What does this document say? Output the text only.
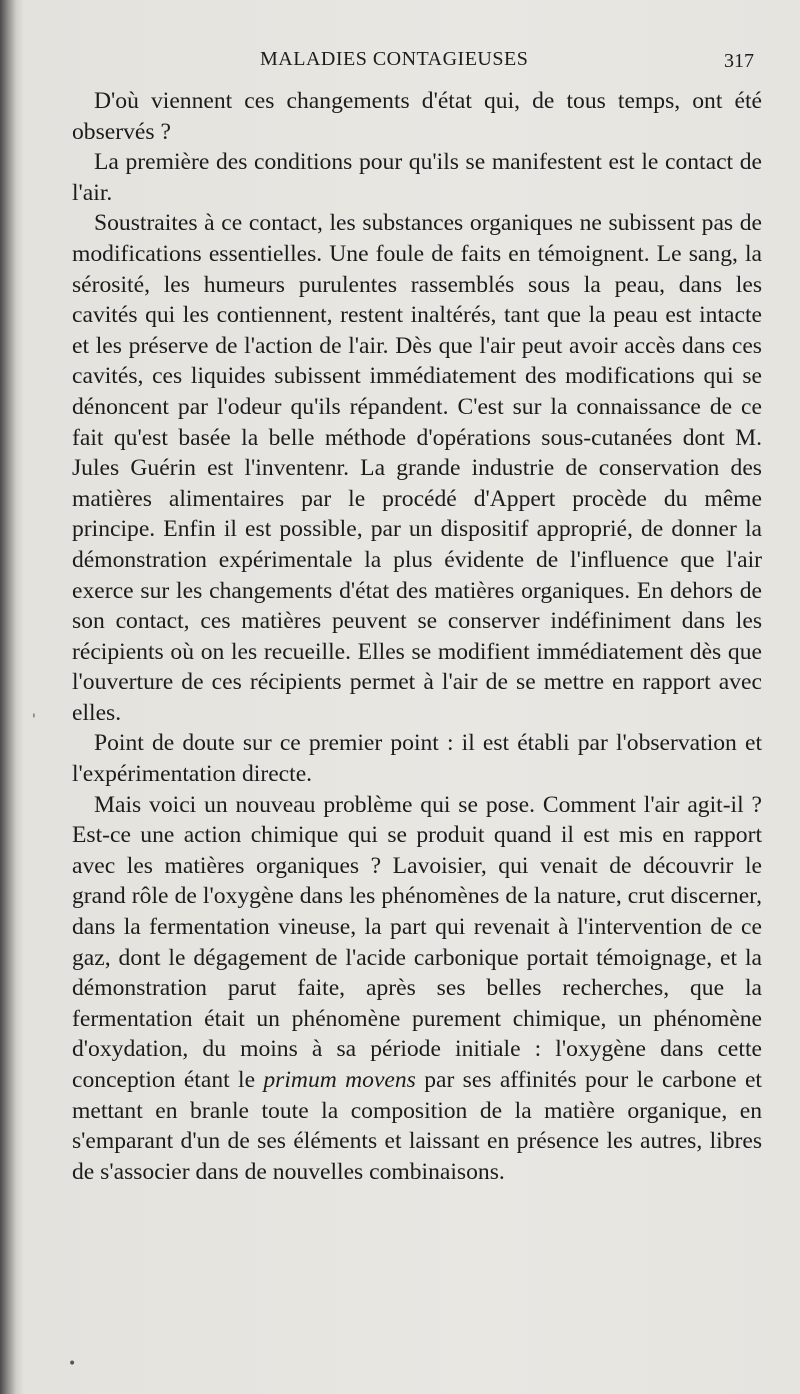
MALADIES CONTAGIEUSES	317

D'où viennent ces changements d'état qui, de tous temps, ont été observés ?

La première des conditions pour qu'ils se manifestent est le contact de l'air.

Soustraites à ce contact, les substances organiques ne subissent pas de modifications essentielles. Une foule de faits en témoignent. Le sang, la sérosité, les humeurs purulentes rassemblés sous la peau, dans les cavités qui les contiennent, restent inaltérés, tant que la peau est intacte et les préserve de l'action de l'air. Dès que l'air peut avoir accès dans ces cavités, ces liquides subissent immédiatement des modifications qui se dénoncent par l'odeur qu'ils répandent. C'est sur la connaissance de ce fait qu'est basée la belle méthode d'opérations sous-cutanées dont M. Jules Guérin est l'inventenr. La grande industrie de conservation des matières alimentaires par le procédé d'Appert procède du même principe. Enfin il est possible, par un dispositif approprié, de donner la démonstration expérimentale la plus évidente de l'influence que l'air exerce sur les changements d'état des matières organiques. En dehors de son contact, ces matières peuvent se conserver indéfiniment dans les récipients où on les recueille. Elles se modifient immédiatement dès que l'ouverture de ces récipients permet à l'air de se mettre en rapport avec elles.

Point de doute sur ce premier point : il est établi par l'observation et l'expérimentation directe.

Mais voici un nouveau problème qui se pose. Comment l'air agit-il ? Est-ce une action chimique qui se produit quand il est mis en rapport avec les matières organiques ? Lavoisier, qui venait de découvrir le grand rôle de l'oxygène dans les phénomènes de la nature, crut discerner, dans la fermentation vineuse, la part qui revenait à l'intervention de ce gaz, dont le dégagement de l'acide carbonique portait témoignage, et la démonstration parut faite, après ses belles recherches, que la fermentation était un phénomène purement chimique, un phénomène d'oxydation, du moins à sa période initiale : l'oxygène dans cette conception étant le primum movens par ses affinités pour le carbone et mettant en branle toute la composition de la matière organique, en s'emparant d'un de ses éléments et laissant en présence les autres, libres de s'associer dans de nouvelles combinaisons.

'
•
